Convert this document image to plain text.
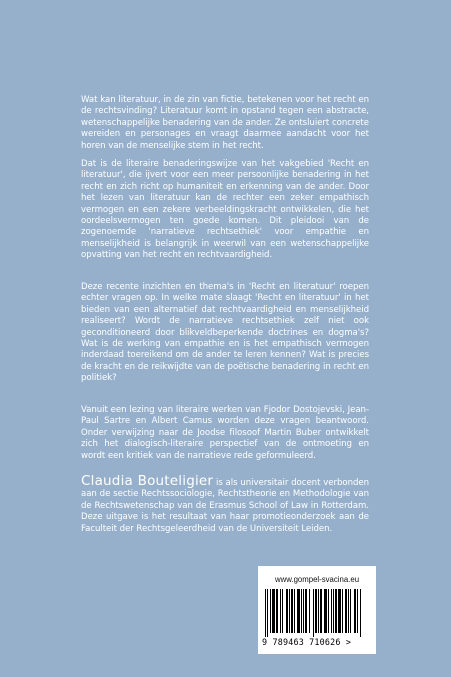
Wat kan literatuur, in de zin van fictie, betekenen voor het recht en de rechtsvinding? Literatuur komt in opstand tegen een abstracte, wetenschappelijke benadering van de ander. Ze ontsluiert concrete wereiden en personages en vraagt daarmee aandacht voor het horen van de menselijke stem in het recht.

Dat is de literaire benaderingswijze van het vakgebied 'Recht en literatuur', die ijvert voor een meer persoonlijke benadering in het recht en zich richt op humaniteit en erkenning van de ander. Door het lezen van literatuur kan de rechter een zeker empathisch vermogen en een zekere verbeeldingskracht ontwikkelen, die het oordeelsvermogen ten goede komen. Dit pleidooi van de zogenoemde 'narratieve rechtsethiek' voor empathie en menselijkheid is belangrijk in weerwil van een wetenschappelijke opvatting van het recht en rechtvaardigheid.

Deze recente inzichten en thema's in 'Recht en literatuur' roepen echter vragen op. In welke mate slaagt 'Recht en literatuur' in het bieden van een alternatief dat rechtvaardigheid en menselijkheid realiseert? Wordt de narratieve rechtsethiek zelf niet ook geconditioneerd door blikveldbeperkende doctrines en dogma's? Wat is de werking van empathie en is het empathisch vermogen inderdaad toereikend om de ander te leren kennen? Wat is precies de kracht en de reikwijdte van de poëtische benadering in recht en politiek?

Vanuit een lezing van literaire werken van Fjodor Dostojevski, Jean-Paul Sartre en Albert Camus worden deze vragen beantwoord. Onder verwijzing naar de Joodse filosoof Martin Buber ontwikkelt zich het dialogisch-literaire perspectief van de ontmoeting en wordt een kritiek van de narratieve rede geformuleerd.

Claudia Bouteligier is als universitair docent verbonden aan de sectie Rechtssociologie, Rechtstheorie en Methodologie van de Rechtswetenschap van de Erasmus School of Law in Rotterdam. Deze uitgave is het resultaat van haar promotieonderzoek aan de Faculteit der Rechtsgeleerdheid van de Universiteit Leiden.

www.gompel-svacina.eu
9 789463 710626 >
